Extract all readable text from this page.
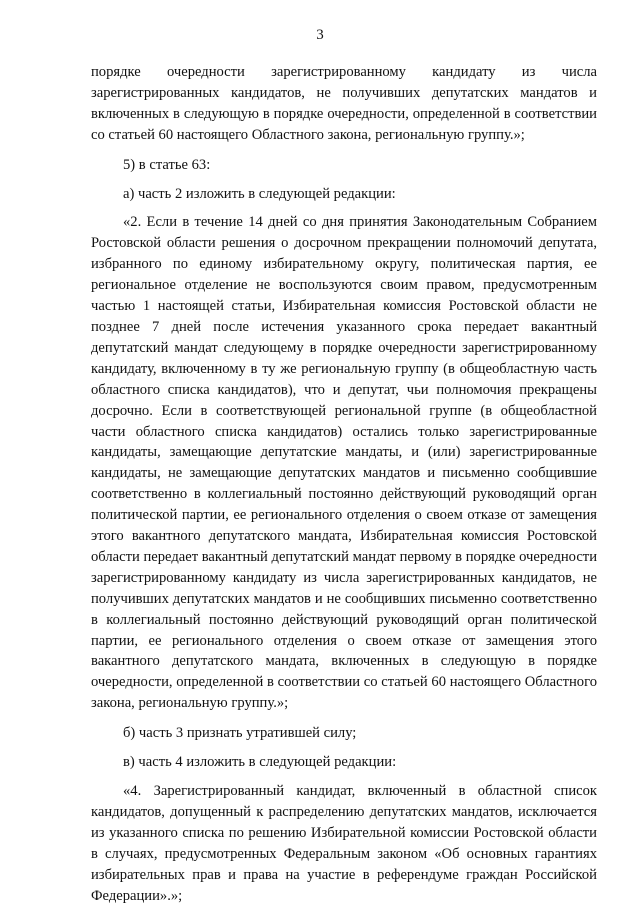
3

порядке очередности зарегистрированному кандидату из числа зарегистрированных кандидатов, не получивших депутатских мандатов и включенных в следующую в порядке очередности, определенной в соответствии со статьей 60 настоящего Областного закона, региональную группу.»;

5) в статье 63:

а) часть 2 изложить в следующей редакции:

«2. Если в течение 14 дней со дня принятия Законодательным Собранием Ростовской области решения о досрочном прекращении полномочий депутата, избранного по единому избирательному округу, политическая партия, ее региональное отделение не воспользуются своим правом, предусмотренным частью 1 настоящей статьи, Избирательная комиссия Ростовской области не позднее 7 дней после истечения указанного срока передает вакантный депутатский мандат следующему в порядке очередности зарегистрированному кандидату, включенному в ту же региональную группу (в общеобластную часть областного списка кандидатов), что и депутат, чьи полномочия прекращены досрочно. Если в соответствующей региональной группе (в общеобластной части областного списка кандидатов) остались только зарегистрированные кандидаты, замещающие депутатские мандаты, и (или) зарегистрированные кандидаты, не замещающие депутатских мандатов и письменно сообщившие соответственно в коллегиальный постоянно действующий руководящий орган политической партии, ее регионального отделения о своем отказе от замещения этого вакантного депутатского мандата, Избирательная комиссия Ростовской области передает вакантный депутатский мандат первому в порядке очередности зарегистрированному кандидату из числа зарегистрированных кандидатов, не получивших депутатских мандатов и не сообщивших письменно соответственно в коллегиальный постоянно действующий руководящий орган политической партии, ее регионального отделения о своем отказе от замещения этого вакантного депутатского мандата, включенных в следующую в порядке очередности, определенной в соответствии со статьей 60 настоящего Областного закона, региональную группу.»;

б) часть 3 признать утратившей силу;

в) часть 4 изложить в следующей редакции:

«4. Зарегистрированный кандидат, включенный в областной список кандидатов, допущенный к распределению депутатских мандатов, исключается из указанного списка по решению Избирательной комиссии Ростовской области в случаях, предусмотренных Федеральным законом «Об основных гарантиях избирательных прав и права на участие в референдуме граждан Российской Федерации».»;
